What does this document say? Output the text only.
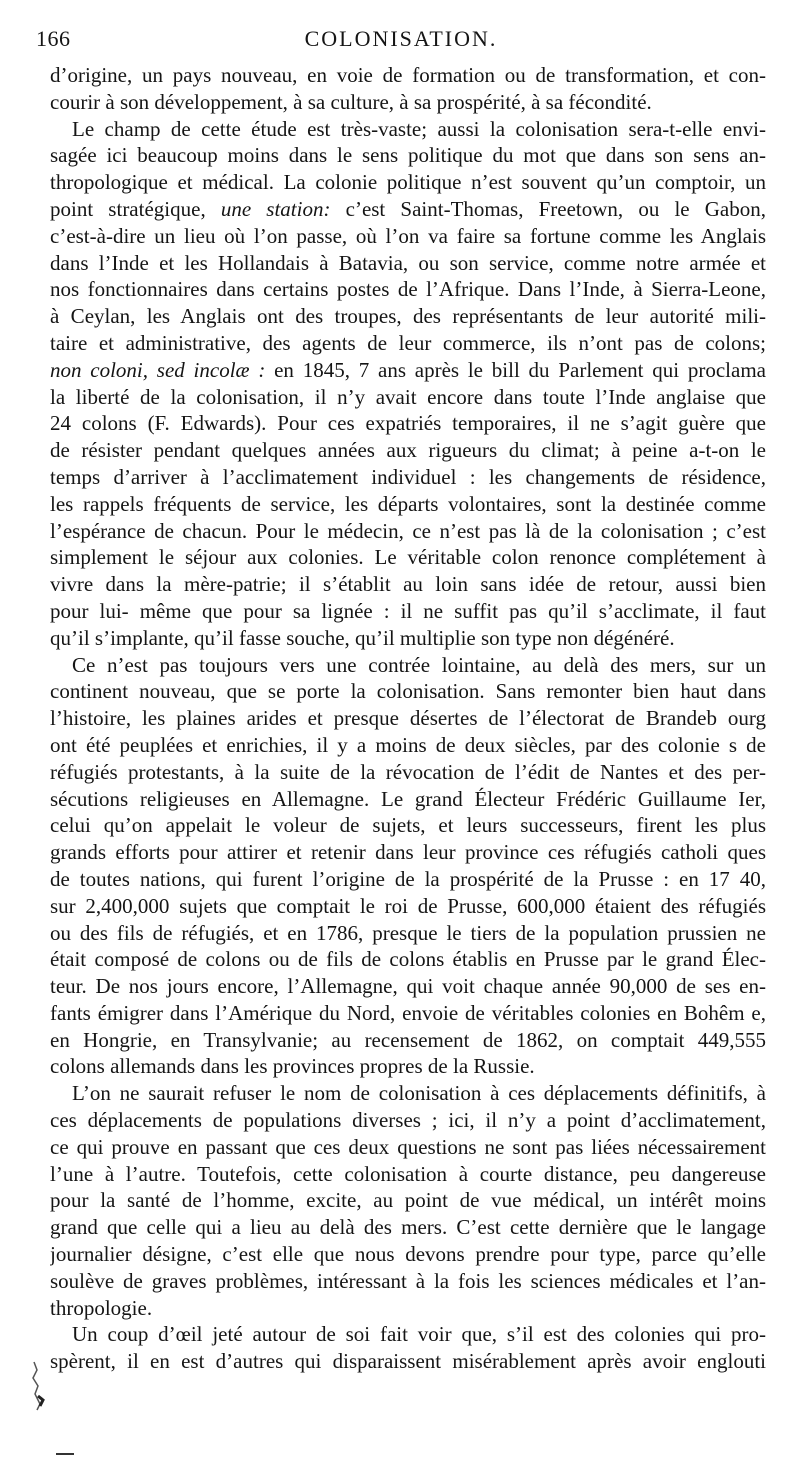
166	COLONISATION.

d’origine, un pays nouveau, en voie de formation ou de transformation, et con-

courir à son développement, à sa culture, à sa prospérité, à sa fécondité.

Le champ de cette étude est très-vaste; aussi la colonisation sera-t-elle envi-

sagée ici beaucoup moins dans le sens politique du mot que dans son sens an-

thropologique et médical. La colonie politique n’est souvent qu’un comptoir, un

point stratégique, une station: c’est Saint-Thomas, Freetown, ou le Gabon,

c’est-à-dire un lieu où l’on passe, où l’on va faire sa fortune comme les Anglais

dans l’Inde et les Hollandais à Batavia, ou son service, comme notre armée et

nos fonctionnaires dans certains postes de l’Afrique. Dans l’Inde, à Sierra-Leone,

à Ceylan, les Anglais ont des troupes, des représentants de leur autorité mili-

taire et administrative, des agents de leur commerce, ils n’ont pas de colons;

non coloni, sed incolæ : en 1845, 7 ans après le bill du Parlement qui proclama

la liberté de la colonisation, il n’y avait encore dans toute l’Inde anglaise que

24 colons (F. Edwards). Pour ces expatriés temporaires, il ne s’agit guère que

de résister pendant quelques années aux rigueurs du climat; à peine a-t-on le

temps d’arriver à l’acclimatement individuel : les changements de résidence,

les rappels fréquents de service, les départs volontaires, sont la destinée comme

l’espérance de chacun. Pour le médecin, ce n’est pas là de la colonisation ; c’est

simplement le séjour aux colonies. Le véritable colon renonce complétement à

vivre dans la mère-patrie; il s’établit au loin sans idée de retour, aussi bien

pour lui- même que pour sa lignée : il ne suffit pas qu’il s’acclimate, il faut

qu’il s’implante, qu’il fasse souche, qu’il multiplie son type non dégénéré.

Ce n’est pas toujours vers une contrée lointaine, au delà des mers, sur un

continent nouveau, que se porte la colonisation. Sans remonter bien haut dans

l’histoire, les plaines arides et presque désertes de l’électorat de Brandeb ourg

ont été peuplées et enrichies, il y a moins de deux siècles, par des colonie s de

réfugiés protestants, à la suite de la révocation de l’édit de Nantes et des per-

sécutions religieuses en Allemagne. Le grand Électeur Frédéric Guillaume Ier,

celui qu’on appelait le voleur de sujets, et leurs successeurs, firent les plus

grands efforts pour attirer et retenir dans leur province ces réfugiés catholi ques

de toutes nations, qui furent l’origine de la prospérité de la Prusse : en 17 40,

sur 2,400,000 sujets que comptait le roi de Prusse, 600,000 étaient des réfugiés

ou des fils de réfugiés, et en 1786, presque le tiers de la population prussien ne

était composé de colons ou de fils de colons établis en Prusse par le grand Élec-

teur. De nos jours encore, l’Allemagne, qui voit chaque année 90,000 de ses en-

fants émigrer dans l’Amérique du Nord, envoie de véritables colonies en Bohêm e,

en Hongrie, en Transylvanie; au recensement de 1862, on comptait 449,555

colons allemands dans les provinces propres de la Russie.

L’on ne saurait refuser le nom de colonisation à ces déplacements définitifs, à

ces déplacements de populations diverses ; ici, il n’y a point d’acclimatement,

ce qui prouve en passant que ces deux questions ne sont pas liées nécessairement

l’une à l’autre. Toutefois, cette colonisation à courte distance, peu dangereuse

pour la santé de l’homme, excite, au point de vue médical, un intérêt moins

grand que celle qui a lieu au delà des mers. C’est cette dernière que le langage

journalier désigne, c’est elle que nous devons prendre pour type, parce qu’elle

soulève de graves problèmes, intéressant à la fois les sciences médicales et l’an-

thropologie.

Un coup d’œil jeté autour de soi fait voir que, s’il est des colonies qui pro-

spèrent, il en est d’autres qui disparaissent misérablement après avoir englouti
